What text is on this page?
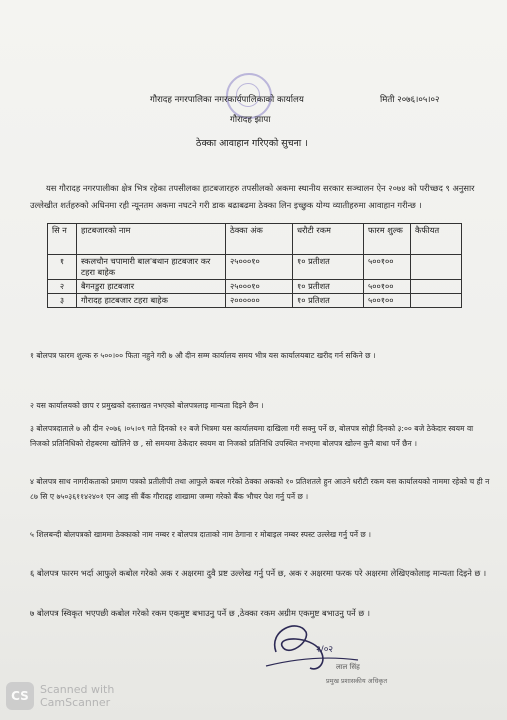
गौरादह नगरपालिका नगरकार्यपालिकाको कार्यालय	मिती २०७६।०५।०२
गौरादह झापा
ठेक्का आवाहान गरिएको सुचना ।
यस गौरादह नगरपालीका क्षेत्र भित्र रहेका तपसीलका हाटबजारहरु तपसीलको अकमा स्थानीय सरकार सञ्चालन ऐन २०७४ को परीच्छद ९ अनुसार उल्लेखीत शर्तहरुको अधिनमा रही न्यूनतम अकमा नघटने गरी डाक बढाबढमा ठेक्का लिन इच्छुक योग्य व्यातीहरुमा आवाहान गरीन्छ ।
सि न	हाटबजारको नाम	ठेक्का अंक	धरौटी रकम	फारम शुल्क	कैफीयत
१	स्कलचौन चपामारी बाल'बथान हाटबजार कर टहरा बाहेक	२५०००१०	१० प्रतीशत	५००१००	
२	बैगनडुरा हाटबजार	२५०००१०	१० प्रतीशत	५००१००	
३	गौरादह हाटबजार टहरा बाहेक	२००००००	१० प्रतिशत	५००१००	
१ बोलपत्र फारम शुल्क रु ५००।०० फिता नहुने गरी ७ औ दीन सम्म कार्यालय समय भीत्र यस कार्यालयबाट खरीद गर्न सकिने छ ।
२ यस कार्यालयको छाप र प्रमुखको दस्ताखत नभएको बोलपत्रलाइ मान्यता दिइने छैन ।
३ बोलपत्रदाताले ७ औ दीन २०७६ ।०५।०९ गते दिनको १२ बजे भित्रमा यस कार्यालयमा दाखिला गरी सक्नु पर्ने छ, बोलपत्र सोही दिनको ३:०० बजे ठेकेदार स्वयम वा निजको प्रतिनिधिको रोहबरमा खोलिने छ , सो समयमा ठेकेदार स्वयम वा निजको प्रतिनिधि उपस्थित नभएमा बोलपत्र खोल्न कुनै बाधा पर्ने छैन ।
४ बोलपत्र साथ नागरीकताको प्रमाण पत्रको प्रतीलीपी तथा आफुले कबल गरेको ठेक्का अकको १० प्रतिशतले हुन आउने धरौटी रकम यस कार्यालयको नाममा रहेको च ही न ८७ सि ए ७५०३६११४२४०१ एन आइ सी बैंक गौरादह शाखामा जम्मा गरेको बैंक भौचर पेश गर्नु पर्ने छ ।
५ शिलबन्दी बोलपत्रको खाममा ठेक्काको नाम नम्बर र बोलपत्र दाताको नाम ठेगाना र मोबाइल नम्बर स्पस्ट उल्लेख गर्नु पर्ने छ ।
६ बोलपत्र फारम भर्दा आफुले कबोल गरेको अक र अक्षरमा दुवै प्रष्ट उल्लेख गर्नु पर्ने छ, अक र अक्षरमा फरक परे अक्षरमा लेखिएकोलाइ मान्यता दिइने छ ।
७ बोलपत्र स्विकृत भएपछी कबोल गरेको रकम एकमुष्ट बभाउनु पर्ने छ ,ठेक्का रकम अग्रीम एकमुष्ट बभाउनु पर्ने छ ।
२/०२
लाल सिंह
प्रमुख प्रशासकीय अधिकृत
CS	Scanned with
CamScanner
